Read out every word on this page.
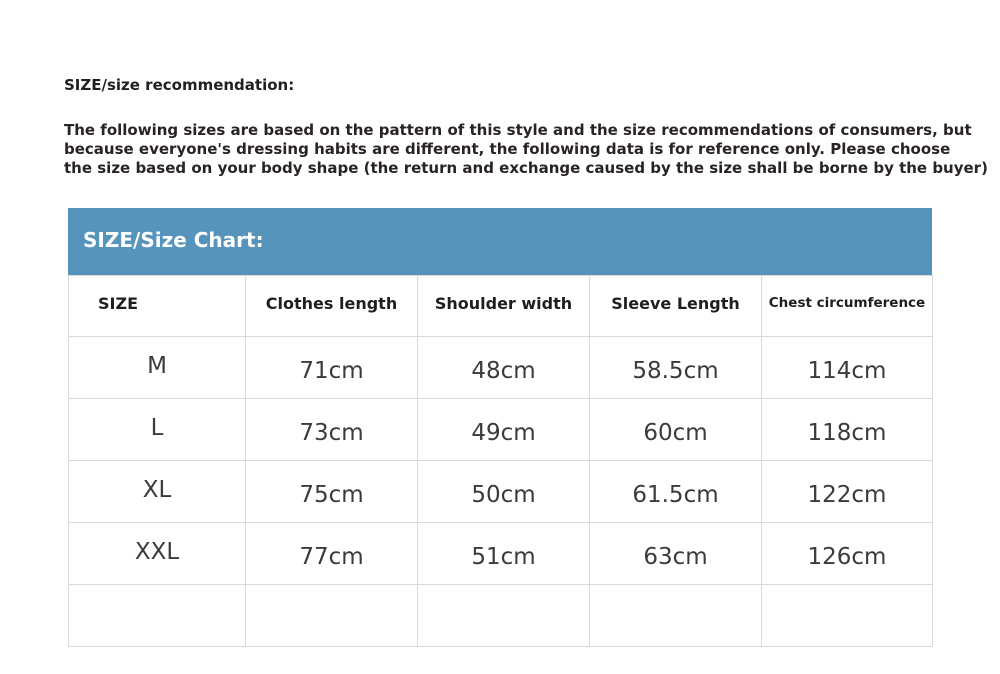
SIZE/size recommendation:
The following sizes are based on the pattern of this style and the size recommendations of consumers, but
because everyone's dressing habits are different, the following data is for reference only. Please choose
the size based on your body shape (the return and exchange caused by the size shall be borne by the buyer)
SIZE/Size Chart:
SIZE	Clothes length	Shoulder width	Sleeve Length	Chest circumference
M	71cm	48cm	58.5cm	114cm
L	73cm	49cm	60cm	118cm
XL	75cm	50cm	61.5cm	122cm
XXL	77cm	51cm	63cm	126cm
